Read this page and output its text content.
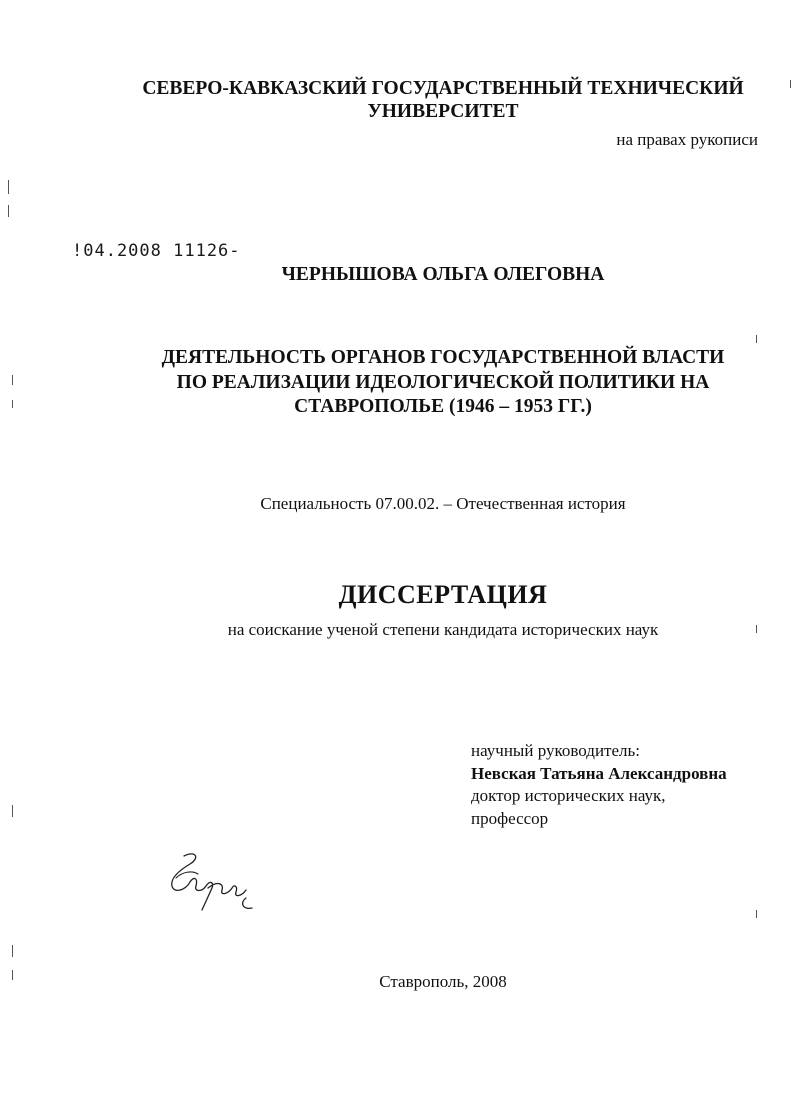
СЕВЕРО-КАВКАЗСКИЙ ГОСУДАРСТВЕННЫЙ ТЕХНИЧЕСКИЙ
УНИВЕРСИТЕТ
на правах рукописи
!04.2008 11126-
ЧЕРНЫШОВА ОЛЬГА ОЛЕГОВНА
ДЕЯТЕЛЬНОСТЬ ОРГАНОВ ГОСУДАРСТВЕННОЙ ВЛАСТИ
ПО РЕАЛИЗАЦИИ ИДЕОЛОГИЧЕСКОЙ ПОЛИТИКИ НА
СТАВРОПОЛЬЕ (1946 – 1953 ГГ.)
Специальность 07.00.02. – Отечественная история
ДИССЕРТАЦИЯ
на соискание ученой степени кандидата исторических наук
научный руководитель:
Невская Татьяна Александровна
доктор исторических наук,
профессор
Ставрополь, 2008
